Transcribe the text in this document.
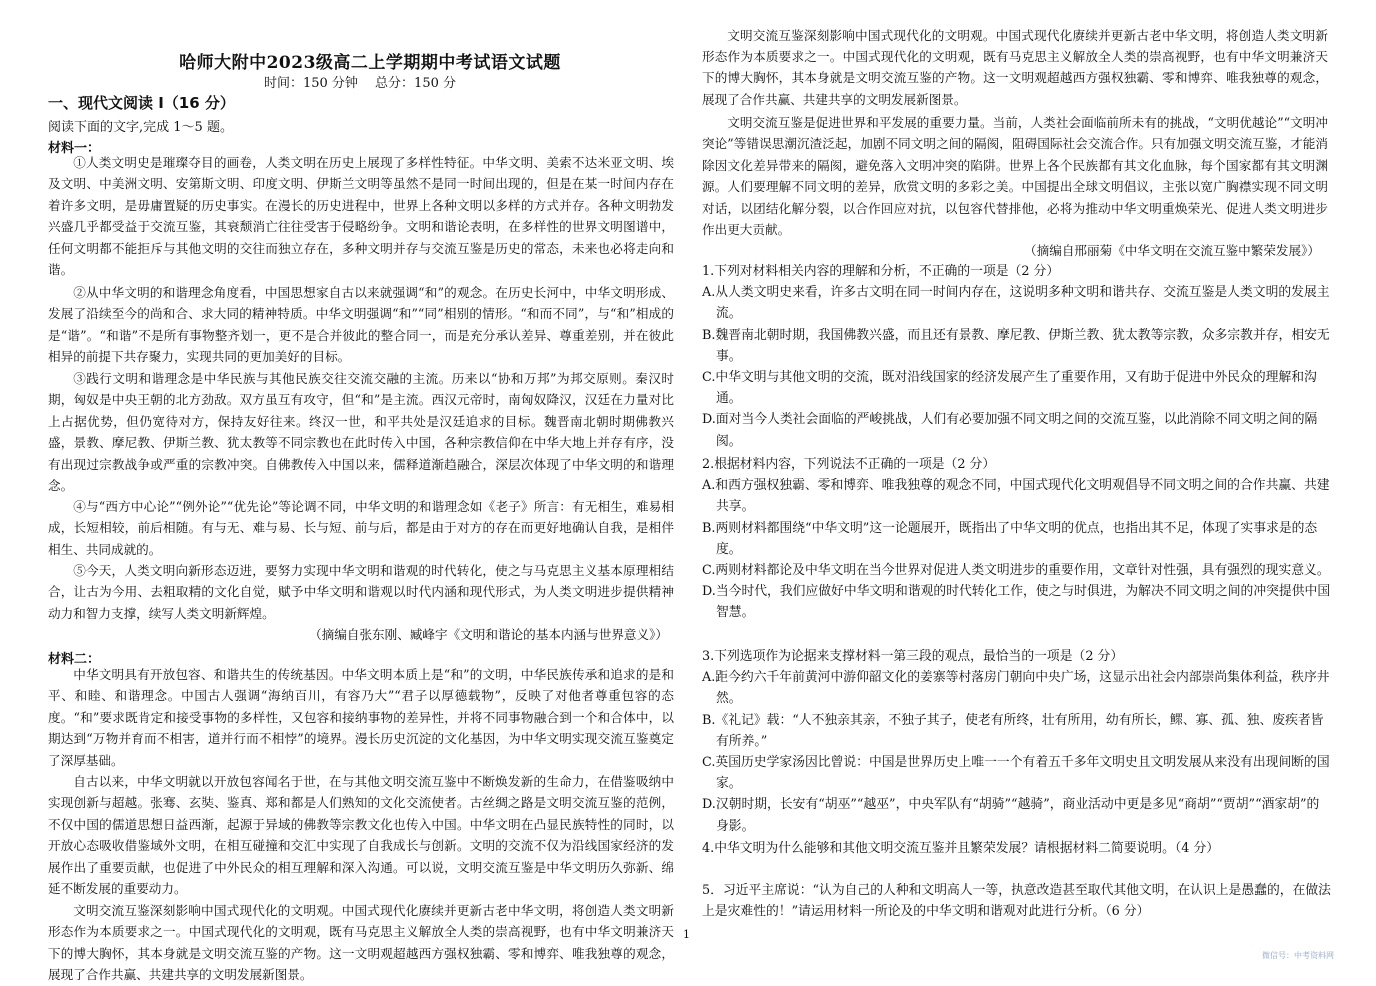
哈师大附中2023级高二上学期期中考试语文试题
时间：150 分钟　 总分：150 分
一、现代文阅读 I（16 分）
阅读下面的文字,完成 1～5 题。
材料一：
①人类文明史是璀璨夺目的画卷，人类文明在历史上展现了多样性特征。中华文明、美索不达米亚文明、埃及文明、中美洲文明、安第斯文明、印度文明、伊斯兰文明等虽然不是同一时间出现的，但是在某一时间内存在着许多文明，是毋庸置疑的历史事实。在漫长的历史进程中，世界上各种文明以多样的方式并存。各种文明勃发兴盛几乎都受益于交流互鉴，其衰颓消亡往往受害于侵略纷争。文明和谐论表明，在多样性的世界文明图谱中，任何文明都不能拒斥与其他文明的交往而独立存在，多种文明并存与交流互鉴是历史的常态，未来也必将走向和谐。
②从中华文明的和谐理念角度看，中国思想家自古以来就强调“和”的观念。在历史长河中，中华文明形成、发展了沿续至今的尚和合、求大同的精神特质。中华文明强调“和”“同”相别的情形。“和而不同”，与“和”相成的是“谐”。“和谐”不是所有事物整齐划一，更不是合并彼此的整合同一，而是充分承认差异、尊重差别，并在彼此相异的前提下共存聚力，实现共同的更加美好的目标。
③践行文明和谐理念是中华民族与其他民族交往交流交融的主流。历来以“协和万邦”为邦交原则。秦汉时期，匈奴是中央王朝的北方劲敌。双方虽互有攻守，但“和”是主流。西汉元帝时，南匈奴降汉，汉廷在力量对比上占据优势，但仍宽待对方，保持友好往来。终汉一世，和平共处是汉廷追求的目标。魏晋南北朝时期佛教兴盛，景教、摩尼教、伊斯兰教、犹太教等不同宗教也在此时传入中国，各种宗教信仰在中华大地上并存有序，没有出现过宗教战争或严重的宗教冲突。自佛教传入中国以来，儒释道渐趋融合，深层次体现了中华文明的和谐理念。
④与“西方中心论”“例外论”“优先论”等论调不同，中华文明的和谐理念如《老子》所言：有无相生，难易相成，长短相较，前后相随。有与无、难与易、长与短、前与后，都是由于对方的存在而更好地确认自我，是相伴相生、共同成就的。
⑤今天，人类文明向新形态迈进，要努力实现中华文明和谐观的时代转化，使之与马克思主义基本原理相结合，让古为今用、去粗取精的文化自觉，赋予中华文明和谐观以时代内涵和现代形式，为人类文明进步提供精神动力和智力支撑，续写人类文明新辉煌。
（摘编自张东刚、臧峰宇《文明和谐论的基本内涵与世界意义》）
材料二：
中华文明具有开放包容、和谐共生的传统基因。中华文明本质上是“和”的文明，中华民族传承和追求的是和平、和睦、和谐理念。中国古人强调“海纳百川，有容乃大”“君子以厚德载物”，反映了对他者尊重包容的态度。“和”要求既肯定和接受事物的多样性，又包容和接纳事物的差异性，并将不同事物融合到一个和合体中，以期达到“万物并育而不相害，道并行而不相悖”的境界。漫长历史沉淀的文化基因，为中华文明实现交流互鉴奠定了深厚基础。
自古以来，中华文明就以开放包容闻名于世，在与其他文明交流互鉴中不断焕发新的生命力，在借鉴吸纳中实现创新与超越。张骞、玄奘、鉴真、郑和都是人们熟知的文化交流使者。古丝绸之路是文明交流互鉴的范例，不仅中国的儒道思想日益西渐，起源于异域的佛教等宗教文化也传入中国。中华文明在凸显民族特性的同时，以开放心态吸收借鉴域外文明，在相互碰撞和交汇中实现了自我成长与创新。文明的交流不仅为沿线国家经济的发展作出了重要贡献，也促进了中外民众的相互理解和深入沟通。可以说，文明交流互鉴是中华文明历久弥新、绵延不断发展的重要动力。
文明交流互鉴深刻影响中国式现代化的文明观。中国式现代化赓续并更新古老中华文明，将创造人类文明新形态作为本质要求之一。中国式现代化的文明观，既有马克思主义解放全人类的崇高视野，也有中华文明兼济天下的博大胸怀，其本身就是文明交流互鉴的产物。这一文明观超越西方强权独霸、零和博弈、唯我独尊的观念，展现了合作共赢、共建共享的文明发展新图景。
文明交流互鉴深刻影响中国式现代化的文明观。中国式现代化赓续并更新古老中华文明，将创造人类文明新形态作为本质要求之一。中国式现代化的文明观，既有马克思主义解放全人类的崇高视野，也有中华文明兼济天下的博大胸怀，其本身就是文明交流互鉴的产物。这一文明观超越西方强权独霸、零和博弈、唯我独尊的观念，展现了合作共赢、共建共享的文明发展新图景。
文明交流互鉴是促进世界和平发展的重要力量。当前，人类社会面临前所未有的挑战，“文明优越论”“文明冲突论”等错误思潮沉渣泛起，加剧不同文明之间的隔阂，阻碍国际社会交流合作。只有加强文明交流互鉴，才能消除因文化差异带来的隔阂，避免落入文明冲突的陷阱。世界上各个民族都有其文化血脉，每个国家都有其文明渊源。人们要理解不同文明的差异，欣赏文明的多彩之美。中国提出全球文明倡议，主张以宽广胸襟实现不同文明对话，以团结化解分裂，以合作回应对抗，以包容代替排他，必将为推动中华文明重焕荣光、促进人类文明进步作出更大贡献。
（摘编自邢丽菊《中华文明在交流互鉴中繁荣发展》）
1.下列对材料相关内容的理解和分析，不正确的一项是（2 分）
A.从人类文明史来看，许多古文明在同一时间内存在，这说明多种文明和谐共存、交流互鉴是人类文明的发展主流。
B.魏晋南北朝时期，我国佛教兴盛，而且还有景教、摩尼教、伊斯兰教、犹太教等宗教，众多宗教并存，相安无事。
C.中华文明与其他文明的交流，既对沿线国家的经济发展产生了重要作用，又有助于促进中外民众的理解和沟通。
D.面对当今人类社会面临的严峻挑战，人们有必要加强不同文明之间的交流互鉴，以此消除不同文明之间的隔阂。
2.根据材料内容，下列说法不正确的一项是（2 分）
A.和西方强权独霸、零和博弈、唯我独尊的观念不同，中国式现代化文明观倡导不同文明之间的合作共赢、共建共享。
B.两则材料都围绕“中华文明”这一论题展开，既指出了中华文明的优点，也指出其不足，体现了实事求是的态度。
C.两则材料都论及中华文明在当今世界对促进人类文明进步的重要作用，文章针对性强，具有强烈的现实意义。
D.当今时代，我们应做好中华文明和谐观的时代转化工作，使之与时俱进，为解决不同文明之间的冲突提供中国智慧。
3.下列选项作为论据来支撑材料一第三段的观点，最恰当的一项是（2 分）
A.距今约六千年前黄河中游仰韶文化的姜寨等村落房门朝向中央广场，这显示出社会内部崇尚集体利益，秩序井然。
B.《礼记》载：“人不独亲其亲，不独子其子，使老有所终，壮有所用，幼有所长，鳏、寡、孤、独、废疾者皆有所养。”
C.英国历史学家汤因比曾说：中国是世界历史上唯一一个有着五千多年文明史且文明发展从来没有出现间断的国家。
D.汉朝时期，长安有“胡巫”“越巫”，中央军队有“胡骑”“越骑”，商业活动中更是多见“商胡”“贾胡”“酒家胡”的身影。
4.中华文明为什么能够和其他文明交流互鉴并且繁荣发展？请根据材料二简要说明。（4 分）
5．习近平主席说：“认为自己的人种和文明高人一等，执意改造甚至取代其他文明，在认识上是愚蠢的，在做法上是灾难性的！”请运用材料一所论及的中华文明和谐观对此进行分析。（6 分）
1
微信号：中考资料网
